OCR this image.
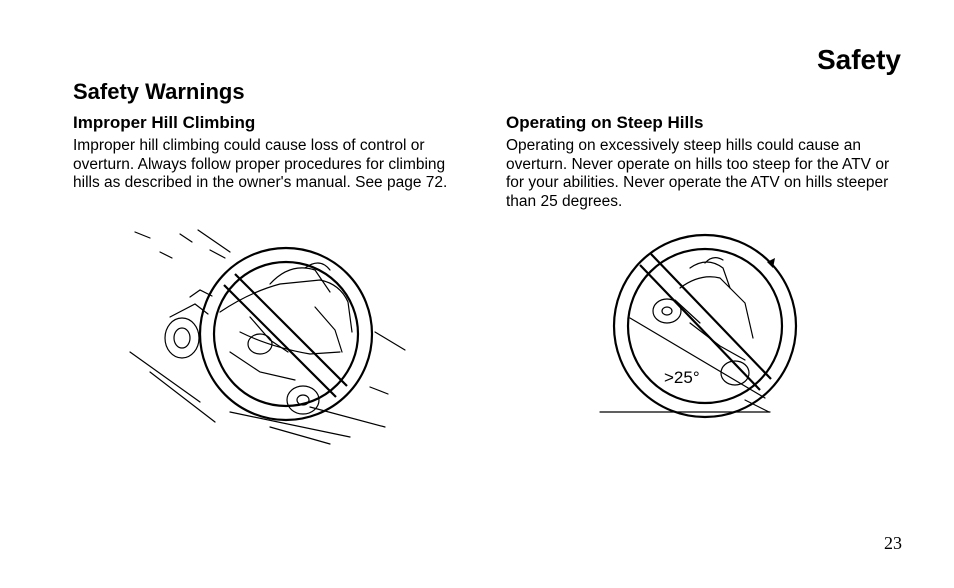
Safety
Safety Warnings
Improper Hill Climbing
Improper hill climbing could cause loss of control or overturn. Always follow proper procedures for climbing hills as described in the owner's manual. See page 72.
Operating on Steep Hills
Operating on excessively steep hills could cause an overturn. Never operate on hills too steep for the ATV or for your abilities. Never operate the ATV on hills steeper than 25 degrees.
>25°
23
